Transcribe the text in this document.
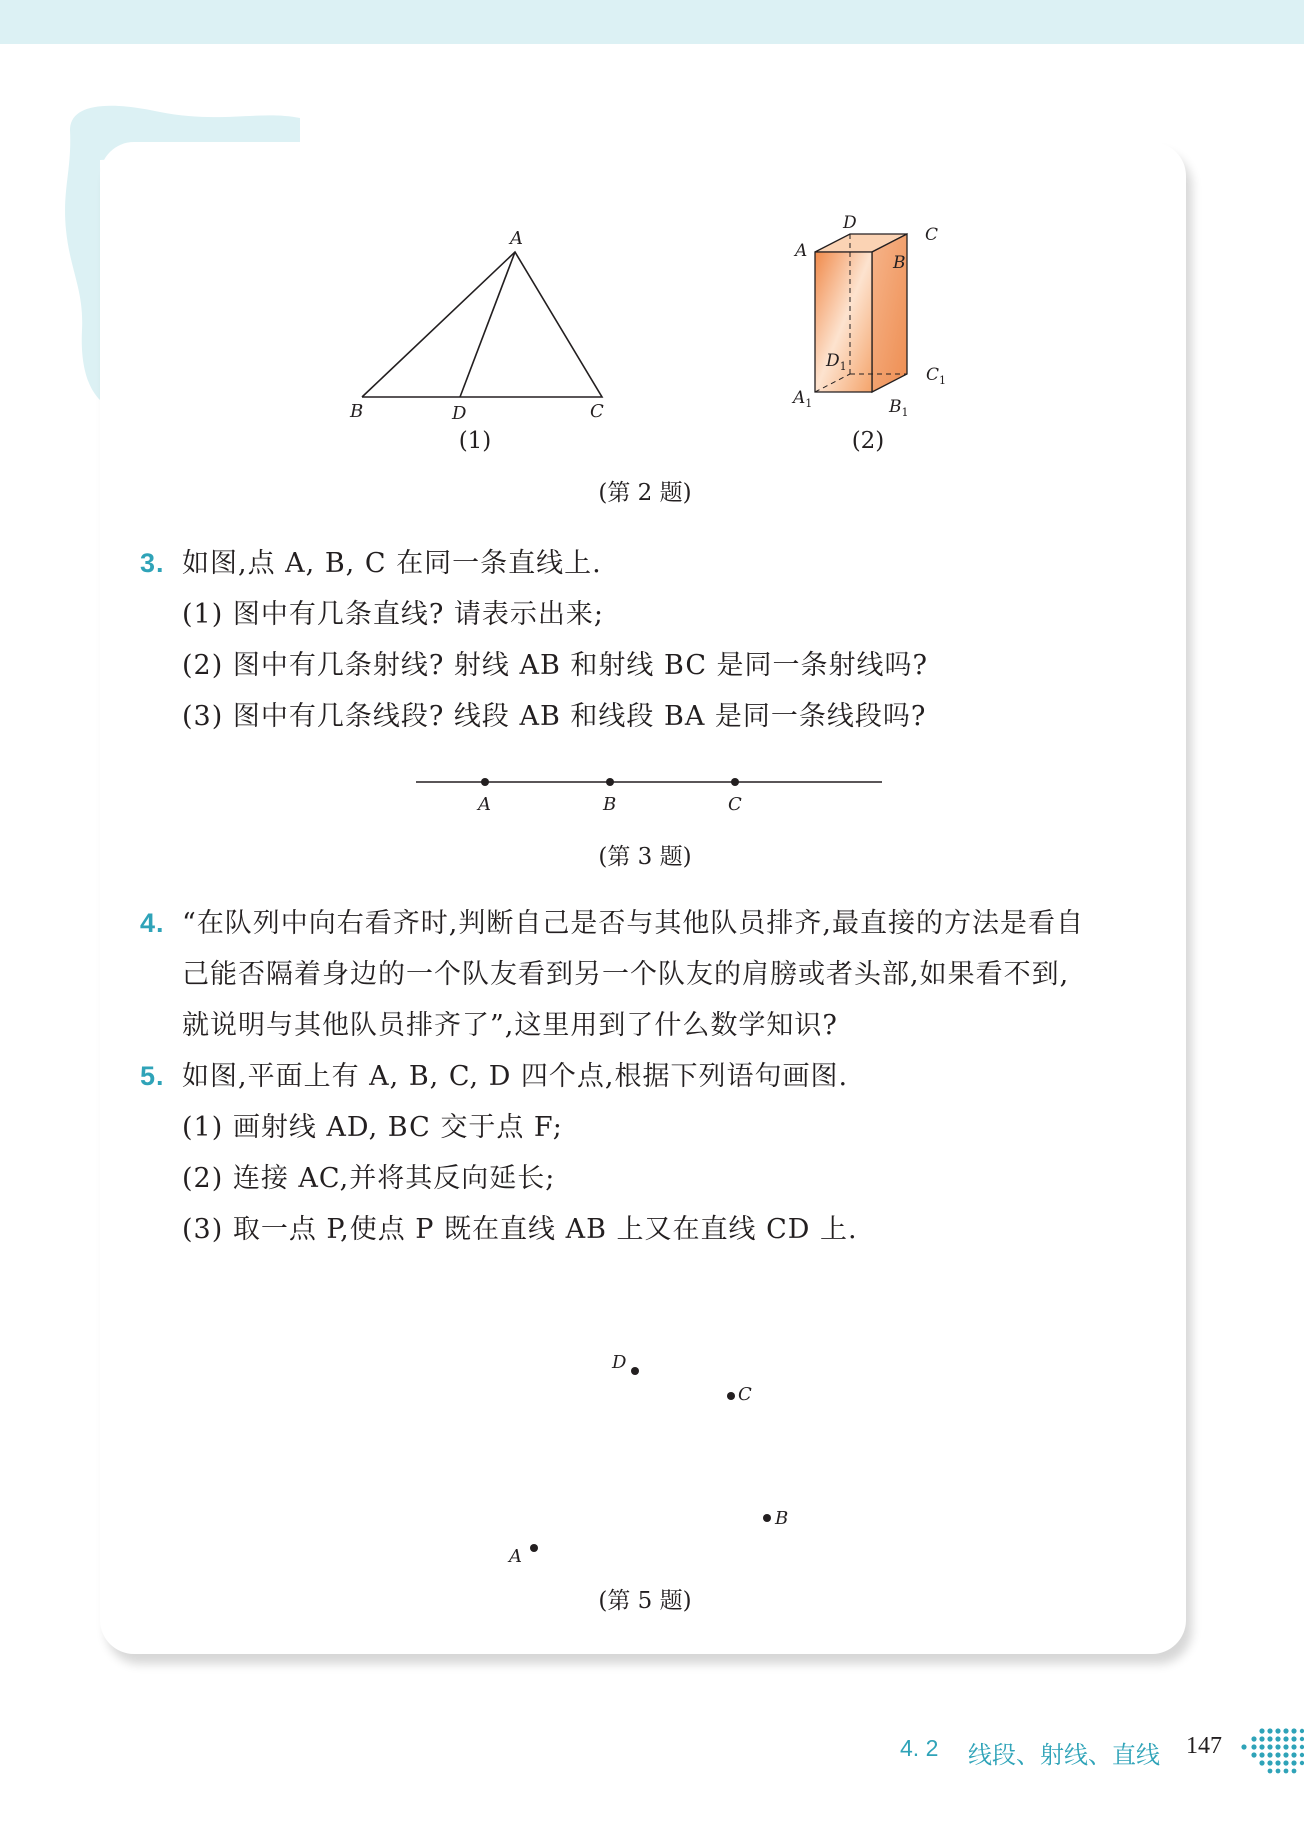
A
B	D	C
(1)
D
C
A
B
$D_1$	$C_1$
$A_1$	$B_1$
(2)
(第 2 题)
3. 如图,点 A, B, C 在同一条直线上.
(1) 图中有几条直线? 请表示出来;
(2) 图中有几条射线? 射线 AB 和射线 BC 是同一条射线吗?
(3) 图中有几条线段? 线段 AB 和线段 BA 是同一条线段吗?
A	B	C
(第 3 题)
4. “在队列中向右看齐时,判断自己是否与其他队员排齐,最直接的方法是看自
己能否隔着身边的一个队友看到另一个队友的肩膀或者头部,如果看不到,
就说明与其他队员排齐了”,这里用到了什么数学知识?
5. 如图,平面上有 A, B, C, D 四个点,根据下列语句画图.
(1) 画射线 AD, BC 交于点 F;
(2) 连接 AC,并将其反向延长;
(3) 取一点 P,使点 P 既在直线 AB 上又在直线 CD 上.
D
C
B
A
(第 5 题)
4. 2 线段、射线、直线 147
